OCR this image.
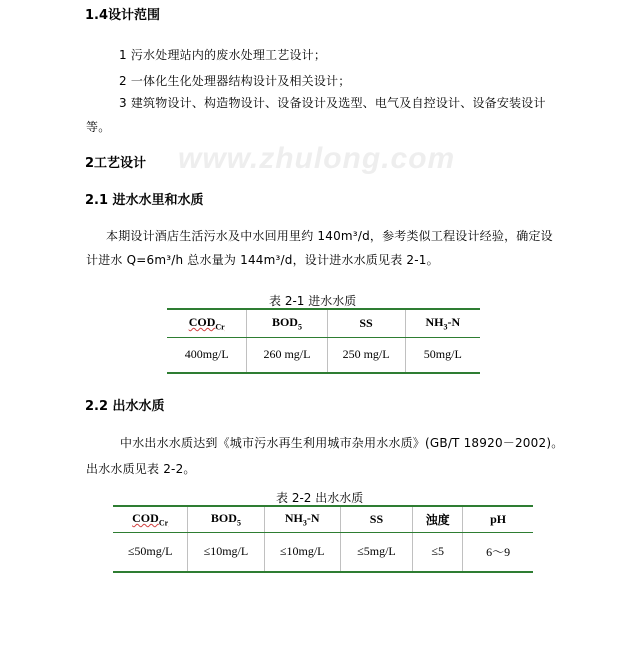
1.4设计范围
1 污水处理站内的废水处理工艺设计；
2 一体化生化处理器结构设计及相关设计；
3 建筑物设计、构造物设计、设备设计及选型、电气及自控设计、设备安装设计
等。
www.zhulong.com
2工艺设计
2.1 进水水里和水质
本期设计酒店生活污水及中水回用里约 140m³/d，参考类似工程设计经验，确定设
计进水 Q=6m³/h 总水量为 144m³/d，设计进水水质见表 2-1。
表 2-1 进水水质
$COD_{Cr}$	$BOD_5$	SS	$NH_3-N$
400mg/L	260 mg/L	250 mg/L	50mg/L
2.2 出水水质
中水出水水质达到《城市污水再生利用城市杂用水水质》(GB/T 18920－2002)。
出水水质见表 2-2。
表 2-2 出水水质
$COD_{Cr}$	$BOD_5$	$NH_3-N$	SS	浊度	pH
≤50mg/L	≤10mg/L	≤10mg/L	≤5mg/L	≤5	6～9
